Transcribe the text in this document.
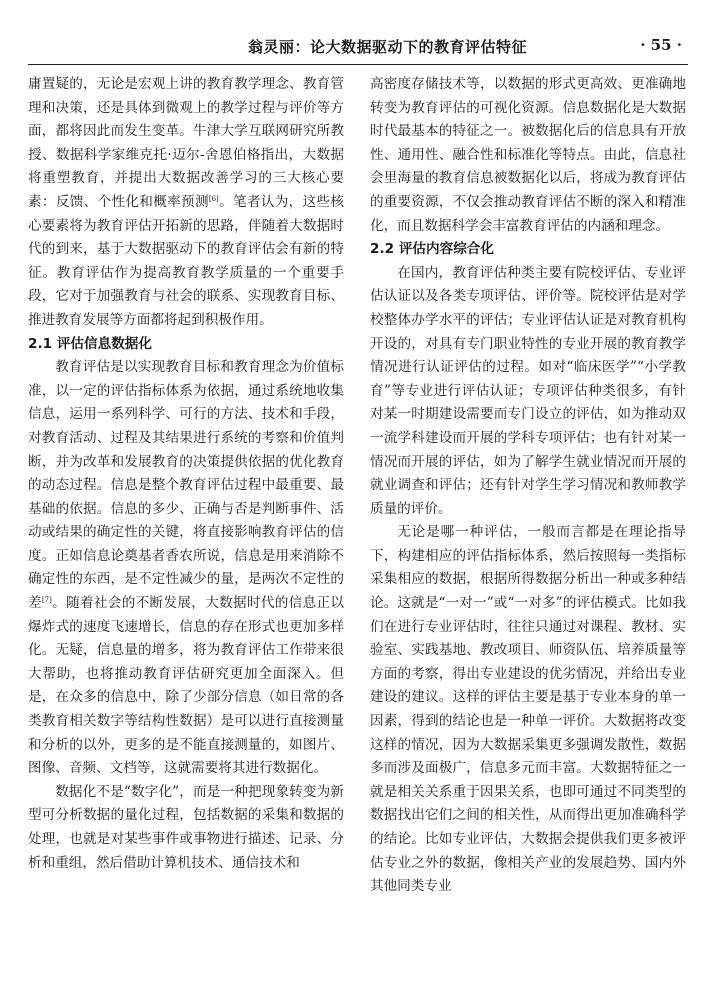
翁灵丽：论大数据驱动下的教育评估特征	· 55 ·

庸置疑的，无论是宏观上讲的教育教学理念、教育管理和决策，还是具体到微观上的教学过程与评价等方面，都将因此而发生变革。牛津大学互联网研究所教授、数据科学家维克托·迈尔-舍恩伯格指出，大数据将重塑教育，并提出大数据改善学习的三大核心要素：反馈、个性化和概率预测[6]。笔者认为，这些核心要素将为教育评估开拓新的思路，伴随着大数据时代的到来，基于大数据驱动下的教育评估会有新的特征。教育评估作为提高教育教学质量的一个重要手段，它对于加强教育与社会的联系、实现教育目标、推进教育发展等方面都将起到积极作用。

2.1 评估信息数据化

教育评估是以实现教育目标和教育理念为价值标准，以一定的评估指标体系为依据，通过系统地收集信息，运用一系列科学、可行的方法、技术和手段，对教育活动、过程及其结果进行系统的考察和价值判断，并为改革和发展教育的决策提供依据的优化教育的动态过程。信息是整个教育评估过程中最重要、最基础的依据。信息的多少、正确与否是判断事件、活动或结果的确定性的关键，将直接影响教育评估的信度。正如信息论奠基者香农所说，信息是用来消除不确定性的东西，是不定性减少的量，是两次不定性的差[7]。随着社会的不断发展，大数据时代的信息正以爆炸式的速度飞速增长，信息的存在形式也更加多样化。无疑，信息量的增多，将为教育评估工作带来很大帮助，也将推动教育评估研究更加全面深入。但是，在众多的信息中，除了少部分信息（如日常的各类教育相关数字等结构性数据）是可以进行直接测量和分析的以外，更多的是不能直接测量的，如图片、图像、音频、文档等，这就需要将其进行数据化。

数据化不是“数字化”，而是一种把现象转变为新型可分析数据的量化过程，包括数据的采集和数据的处理，也就是对某些事件或事物进行描述、记录、分析和重组，然后借助计算机技术、通信技术和

高密度存储技术等，以数据的形式更高效、更准确地转变为教育评估的可视化资源。信息数据化是大数据时代最基本的特征之一。被数据化后的信息具有开放性、通用性、融合性和标准化等特点。由此，信息社会里海量的教育信息被数据化以后，将成为教育评估的重要资源，不仅会推动教育评估不断的深入和精准化，而且数据科学会丰富教育评估的内涵和理念。

2.2 评估内容综合化

在国内，教育评估种类主要有院校评估、专业评估认证以及各类专项评估、评价等。院校评估是对学校整体办学水平的评估；专业评估认证是对教育机构开设的，对具有专门职业特性的专业开展的教育教学情况进行认证评估的过程。如对“临床医学”“小学教育”等专业进行评估认证；专项评估种类很多，有针对某一时期建设需要而专门设立的评估，如为推动双一流学科建设而开展的学科专项评估；也有针对某一情况而开展的评估，如为了解学生就业情况而开展的就业调查和评估；还有针对学生学习情况和教师教学质量的评价。

无论是哪一种评估，一般而言都是在理论指导下，构建相应的评估指标体系，然后按照每一类指标采集相应的数据，根据所得数据分析出一种或多种结论。这就是“一对一”或“一对多”的评估模式。比如我们在进行专业评估时，往往只通过对课程、教材、实验室、实践基地、教改项目、师资队伍、培养质量等方面的考察，得出专业建设的优劣情况，并给出专业建设的建议。这样的评估主要是基于专业本身的单一因素，得到的结论也是一种单一评价。大数据将改变这样的情况，因为大数据采集更多强调发散性，数据多而涉及面极广，信息多元而丰富。大数据特征之一就是相关关系重于因果关系，也即可通过不同类型的数据找出它们之间的相关性，从而得出更加准确科学的结论。比如专业评估，大数据会提供我们更多被评估专业之外的数据，像相关产业的发展趋势、国内外其他同类专业
